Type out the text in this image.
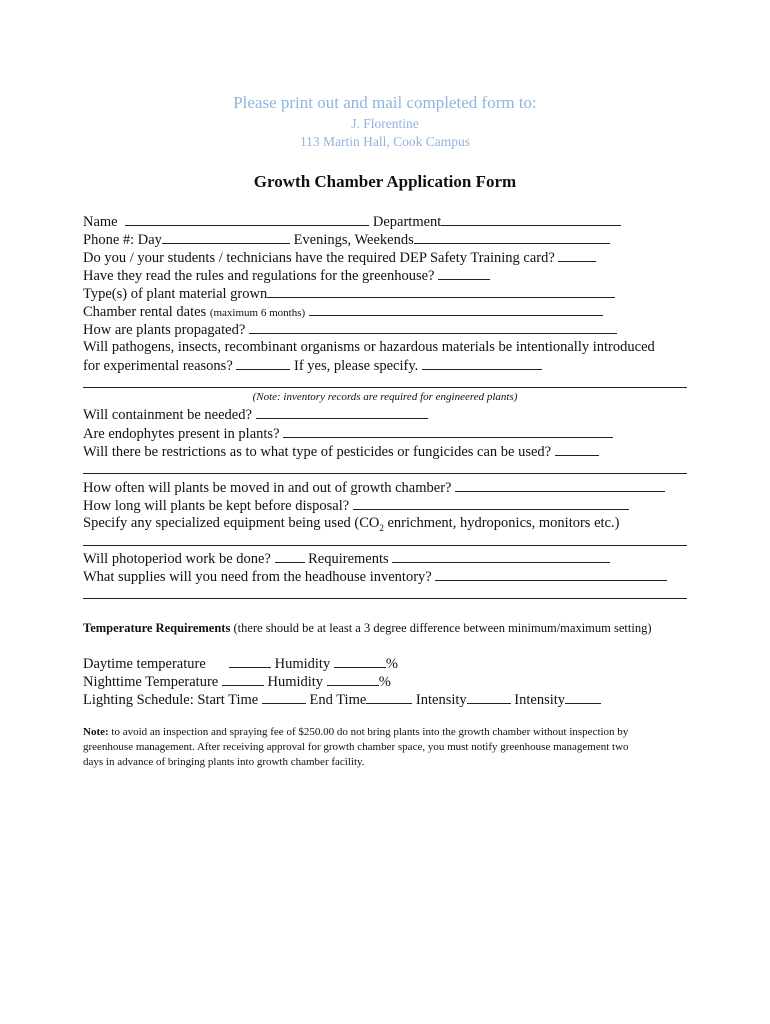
Please print out and mail completed form to:
J. Florentine
113 Martin Hall, Cook Campus
Growth Chamber Application Form
Name	Department
Phone #: Day	Evenings, Weekends
Do you / your students / technicians have the required DEP Safety Training card?
Have they read the rules and regulations for the greenhouse?
Type(s) of plant material grown
Chamber rental dates (maximum 6 months)
How are plants propagated?
Will pathogens, insects, recombinant organisms or hazardous materials be intentionally introduced
for experimental reasons?	If yes, please specify.
(Note: inventory records are required for engineered plants)
Will containment be needed?
Are endophytes present in plants?
Will there be restrictions as to what type of pesticides or fungicides can be used?
How often will plants be moved in and out of growth chamber?
How long will plants be kept before disposal?
Specify any specialized equipment being used ($CO_2$ enrichment, hydroponics, monitors etc.)
Will photoperiod work be done?	Requirements
What supplies will you need from the headhouse inventory?
Temperature Requirements (there should be at least a 3 degree difference between minimum/maximum setting)
Daytime temperature	Humidity	%
Nighttime Temperature	Humidity	%
Lighting Schedule: Start Time	End Time	Intensity	Intensity
Note: to avoid an inspection and spraying fee of $250.00 do not bring plants into the growth chamber without inspection by greenhouse management. After receiving approval for growth chamber space, you must notify greenhouse management two days in advance of bringing plants into growth chamber facility.
